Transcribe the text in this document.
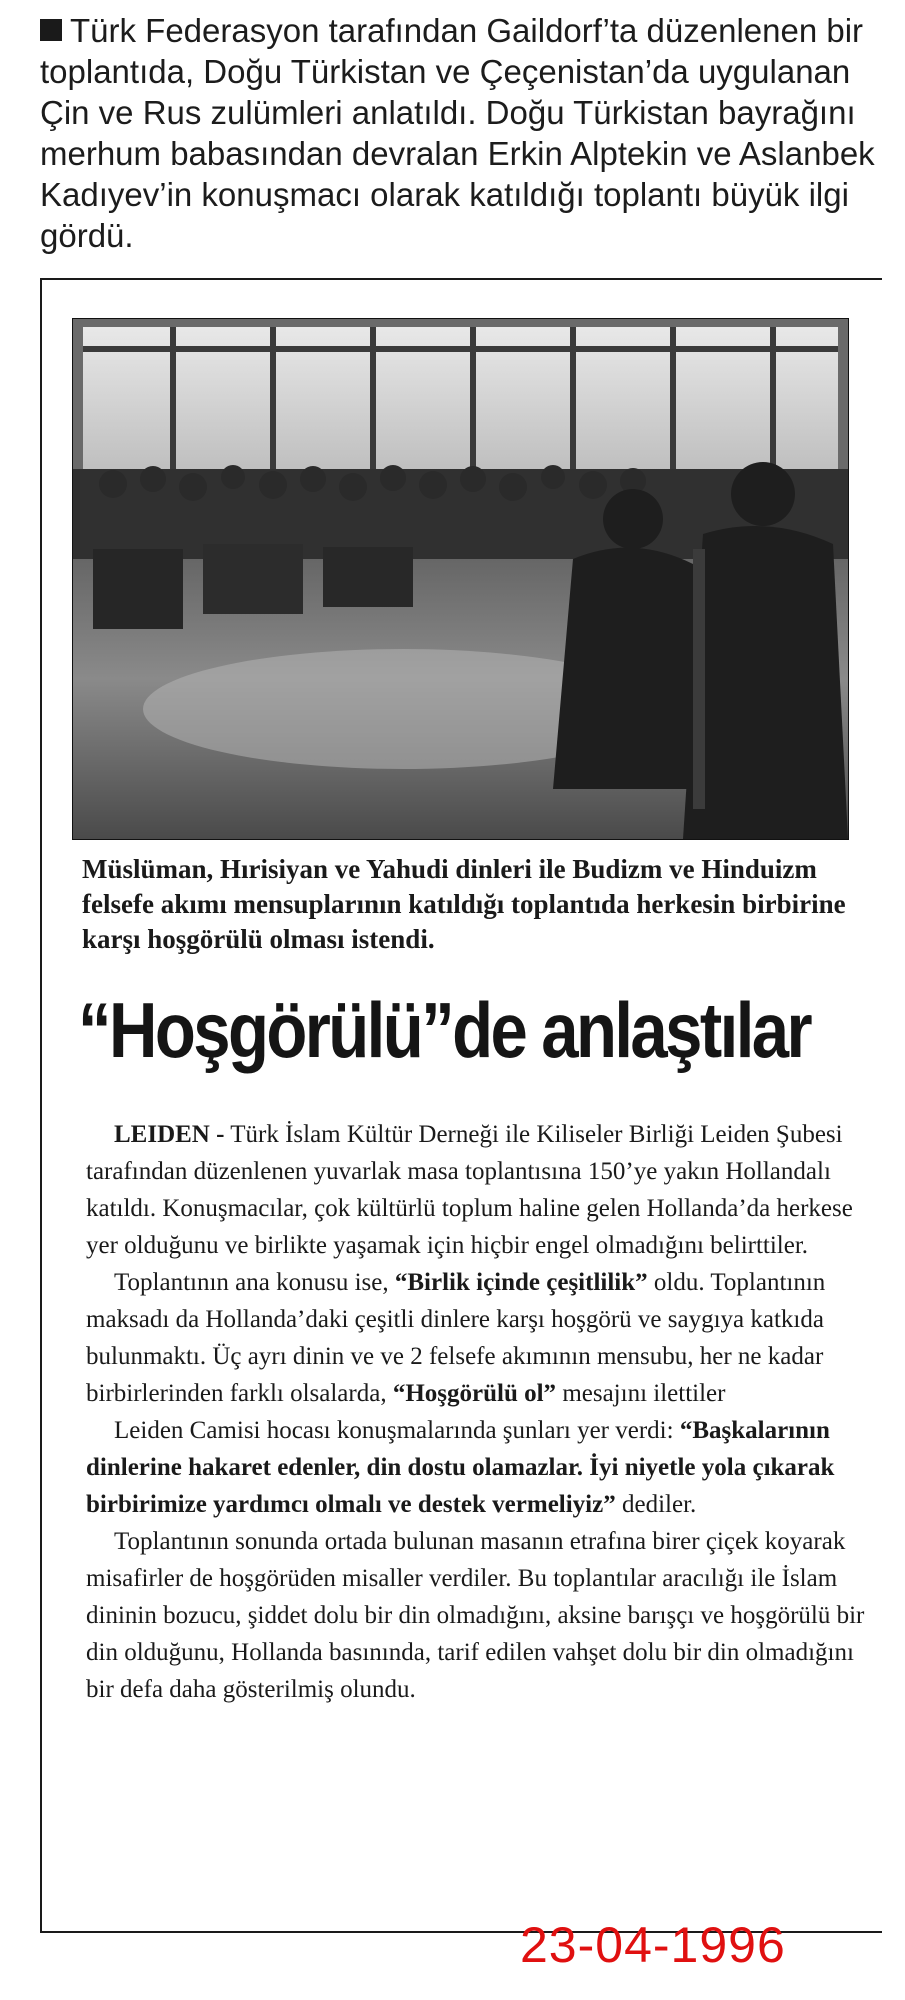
Türk Federasyon tarafından Gaildorf’ta düzenlenen bir toplantıda, Doğu Türkistan ve Çeçenistan’da uygulanan Çin ve Rus zulümleri anlatıldı. Doğu Türkistan bayrağını merhum babasından devralan Erkin Alptekin ve Aslanbek Kadıyev’in konuşmacı olarak katıldığı toplantı büyük ilgi gördü.
Müslüman, Hırisiyan ve Yahudi dinleri ile Budizm ve Hinduizm felsefe akımı mensuplarının katıldığı toplantıda herkesin birbirine karşı hoşgörülü olması istendi.
“Hoşgörülü”de anlaştılar

LEIDEN - Türk İslam Kültür Derneği ile Kiliseler Birliği Leiden Şubesi tarafından düzenlenen yuvarlak masa toplantısına 150’ye yakın Hollandalı katıldı. Konuşmacılar, çok kültürlü toplum haline gelen Hollanda’da herkese yer olduğunu ve birlikte yaşamak için hiçbir engel olmadığını belirttiler.

Toplantının ana konusu ise, “Birlik içinde çeşitlilik” oldu. Toplantının maksadı da Hollanda’daki çeşitli dinlere karşı hoşgörü ve saygıya katkıda bulunmaktı. Üç ayrı dinin ve ve 2 felsefe akımının mensubu, her ne kadar birbirlerinden farklı olsalarda, “Hoşgörülü ol” mesajını ilettiler

Leiden Camisi hocası konuşmalarında şunları yer verdi: “Başkalarının dinlerine hakaret edenler, din dostu olamazlar. İyi niyetle yola çıkarak birbirimize yardımcı olmalı ve destek vermeliyiz” dediler.

Toplantının sonunda ortada bulunan masanın etrafına birer çiçek koyarak misafirler de hoşgörüden misaller verdiler. Bu toplantılar aracılığı ile İslam dininin bozucu, şiddet dolu bir din olmadığını, aksine barışçı ve hoşgörülü bir din olduğunu, Hollanda basınında, tarif edilen vahşet dolu bir din olmadığını bir defa daha gösterilmiş olundu.

23-04-1996
